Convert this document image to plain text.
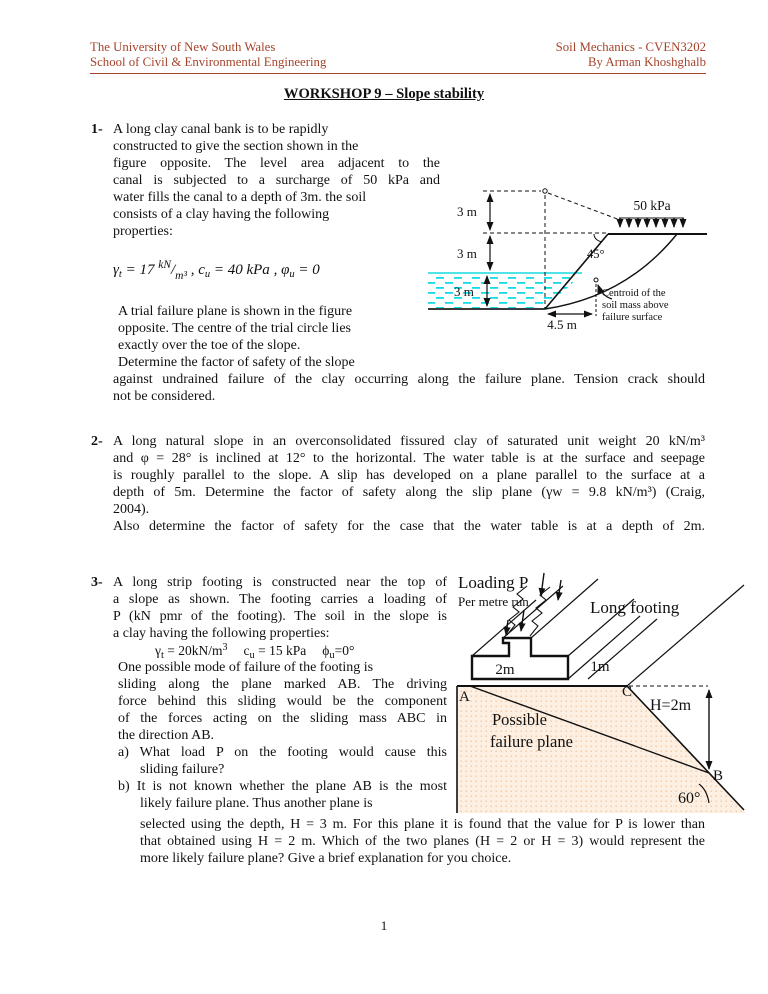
The University of New South Wales
School of Civil & Environmental Engineering
Soil Mechanics - CVEN3202
By Arman Khoshghalb
WORKSHOP 9 – Slope stability
1- A long clay canal bank is to be rapidly
constructed to give the section shown in the
figure opposite. The level area adjacent to the
canal is subjected to a surcharge of 50 kPa and
water fills the canal to a depth of 3m. the soil
consists of a clay having the following
properties:
$\gamma_t = 17$ $^{kN}/_{m^3}$ , $c_u = 40$ kPa , $\varphi_u = 0$
A trial failure plane is shown in the figure
opposite. The centre of the trial circle lies
exactly over the toe of the slope.
Determine the factor of safety of the slope
against undrained failure of the clay occurring along the failure plane. Tension crack should
not be considered.
3 m
3 m
3 m
50 kPa
45°
4.5 m
Centroid of the
soil mass above
failure surface
2- A long natural slope in an overconsolidated fissured clay of saturated unit weight 20 kN/m³
and φ = 28° is inclined at 12° to the horizontal. The water table is at the surface and seepage
is roughly parallel to the slope. A slip has developed on a plane parallel to the surface at a
depth of 5m. Determine the factor of safety along the slip plane (γw = 9.8 kN/m³) (Craig,
2004).
Also determine the factor of safety for the case that the water table is at a depth of 2m.
3- A long strip footing is constructed near the top of
a slope as shown. The footing carries a loading of
P (kN pmr of the footing). The soil in the slope is
a clay having the following properties:
$\gamma_t = 20kN/m^3$ $c_u = 15$ kPa $\phi_u=0^\circ$
One possible mode of failure of the footing is
sliding along the plane marked AB. The driving
force behind this sliding would be the component
of the forces acting on the sliding mass ABC in
the direction AB.
a) What load P on the footing would cause this
sliding failure?
b) It is not known whether the plane AB is the most
likely failure plane. Thus another plane is
selected using the depth, H = 3 m. For this plane it is found that the value for P is lower than
that obtained using H = 2 m. Which of the two planes (H = 2 or H = 3) would represent the
more likely failure plane? Give a brief explanation for you choice.
Loading P
Per metre run	Long footing
2m	1m
A	C
H=2m
B
60°
Possible
failure plane
1
